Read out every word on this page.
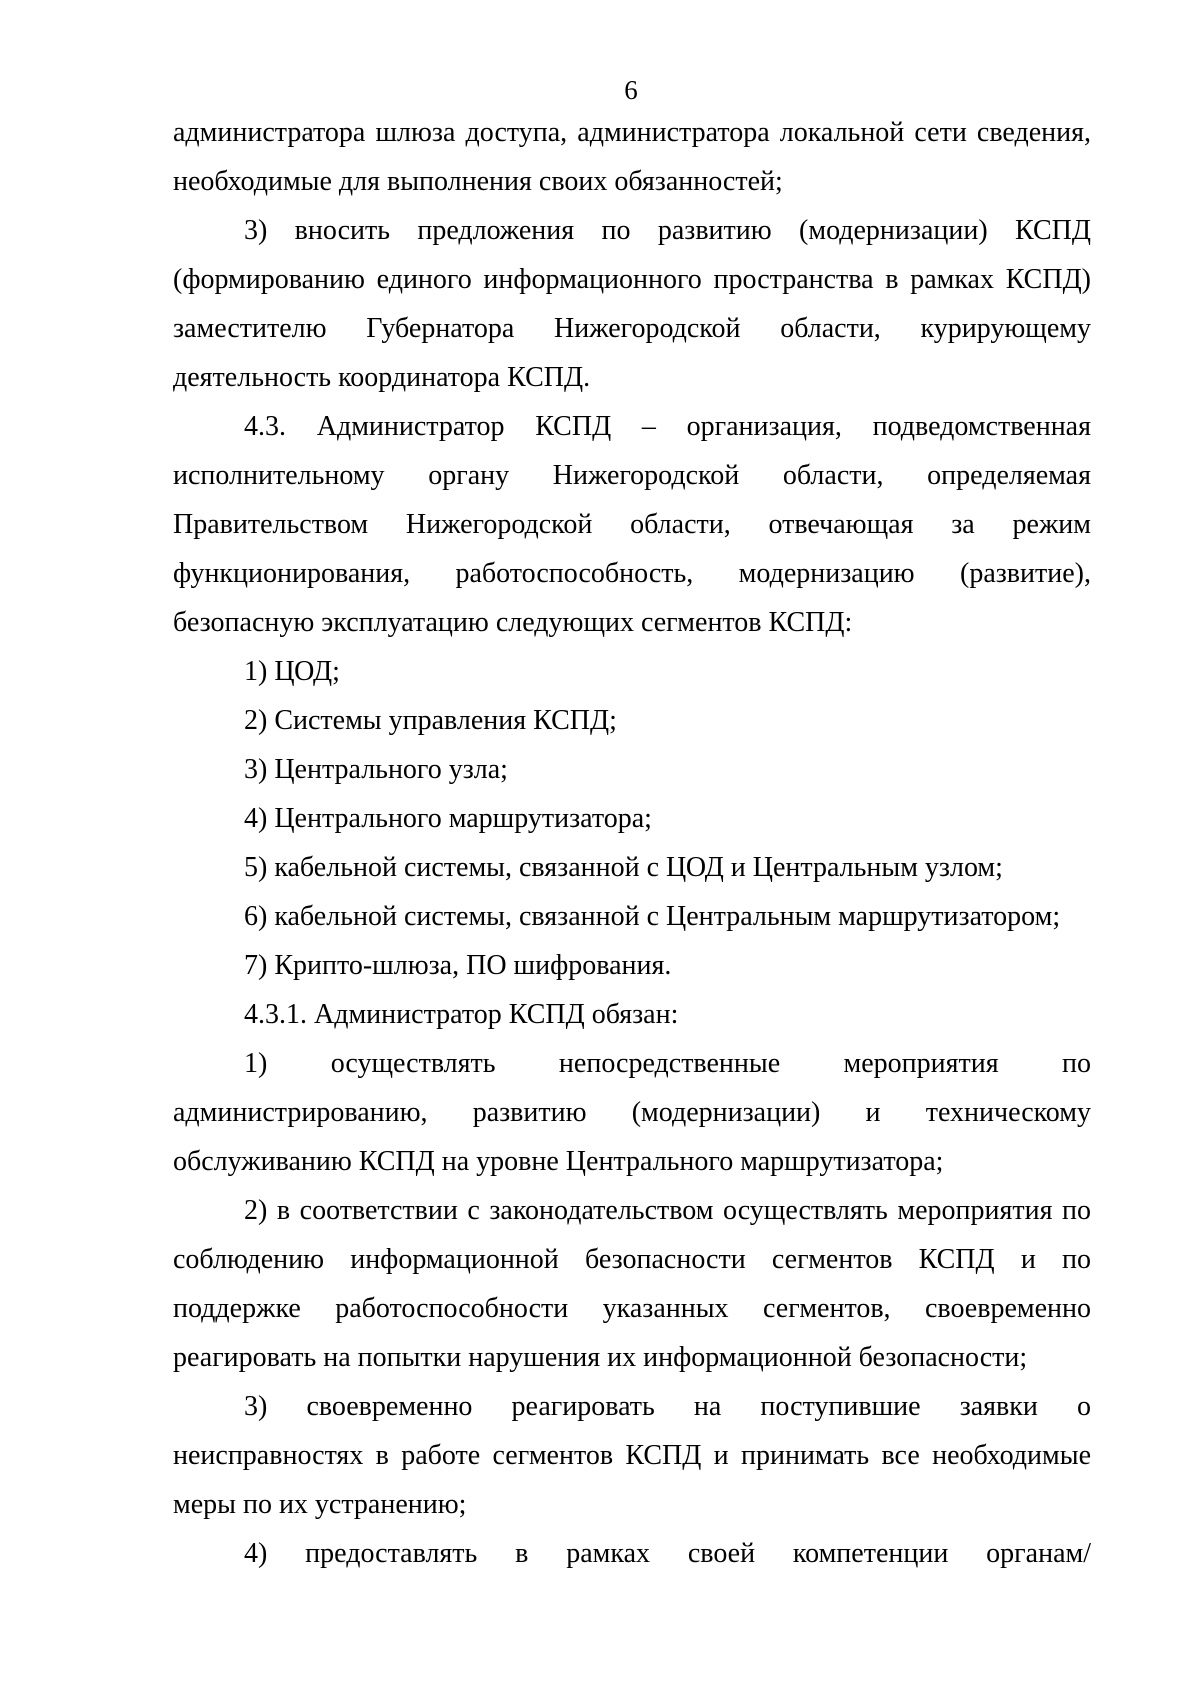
6

администратора шлюза доступа, администратора локальной сети сведения, необходимые для выполнения своих обязанностей;

3) вносить предложения по развитию (модернизации) КСПД (формированию единого информационного пространства в рамках КСПД) заместителю Губернатора Нижегородской области, курирующему деятельность координатора КСПД.

4.3. Администратор КСПД – организация, подведомственная исполнительному органу Нижегородской области, определяемая Правительством Нижегородской области, отвечающая за режим функционирования, работоспособность, модернизацию (развитие), безопасную эксплуатацию следующих сегментов КСПД:

1) ЦОД;

2) Системы управления КСПД;

3) Центрального узла;

4) Центрального маршрутизатора;

5) кабельной системы, связанной с ЦОД и Центральным узлом;

6) кабельной системы, связанной с Центральным маршрутизатором;

7) Крипто-шлюза, ПО шифрования.

4.3.1. Администратор КСПД обязан:

1) осуществлять непосредственные мероприятия по администрированию, развитию (модернизации) и техническому обслуживанию КСПД на уровне Центрального маршрутизатора;

2) в соответствии с законодательством осуществлять мероприятия по соблюдению информационной безопасности сегментов КСПД и по поддержке работоспособности указанных сегментов, своевременно реагировать на попытки нарушения их информационной безопасности;

3) своевременно реагировать на поступившие заявки о неисправностях в работе сегментов КСПД и принимать все необходимые меры по их устранению;

4) предоставлять в рамках своей компетенции органам/
